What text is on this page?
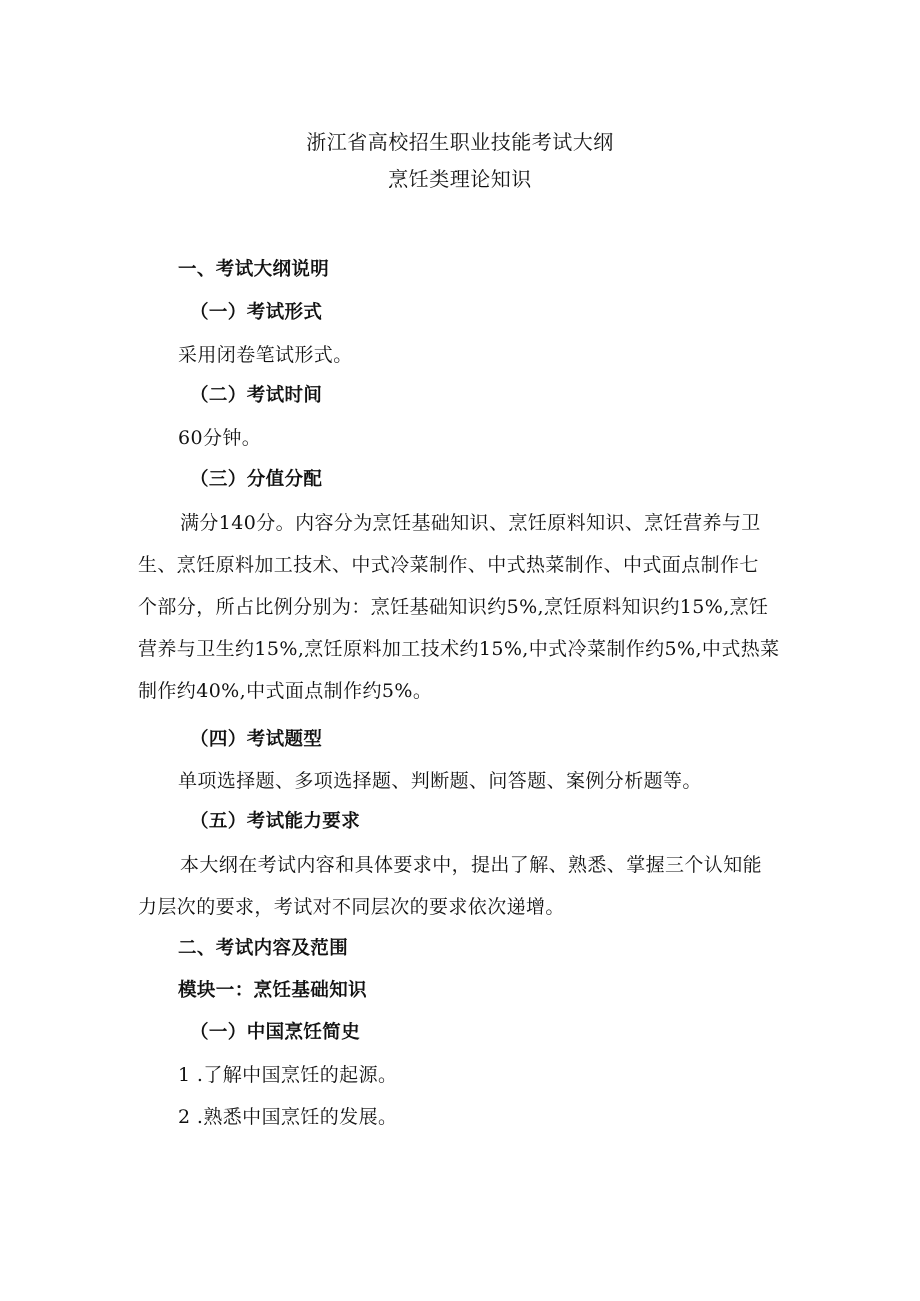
浙江省高校招生职业技能考试大纲
烹饪类理论知识
一、考试大纲说明
（一）考试形式
采用闭卷笔试形式。
（二）考试时间
60分钟。
（三）分值分配
满分140分。内容分为烹饪基础知识、烹饪原料知识、烹饪营养与卫
生、烹饪原料加工技术、中式冷菜制作、中式热菜制作、中式面点制作七
个部分，所占比例分别为：烹饪基础知识约5%,烹饪原料知识约15%,烹饪
营养与卫生约15%,烹饪原料加工技术约15%,中式冷菜制作约5%,中式热菜
制作约40%,中式面点制作约5%。
（四）考试题型
单项选择题、多项选择题、判断题、问答题、案例分析题等。
（五）考试能力要求
本大纲在考试内容和具体要求中，提出了解、熟悉、掌握三个认知能
力层次的要求，考试对不同层次的要求依次递增。
二、考试内容及范围
模块一：烹饪基础知识
（一）中国烹饪简史
1 .了解中国烹饪的起源。
2 .熟悉中国烹饪的发展。
